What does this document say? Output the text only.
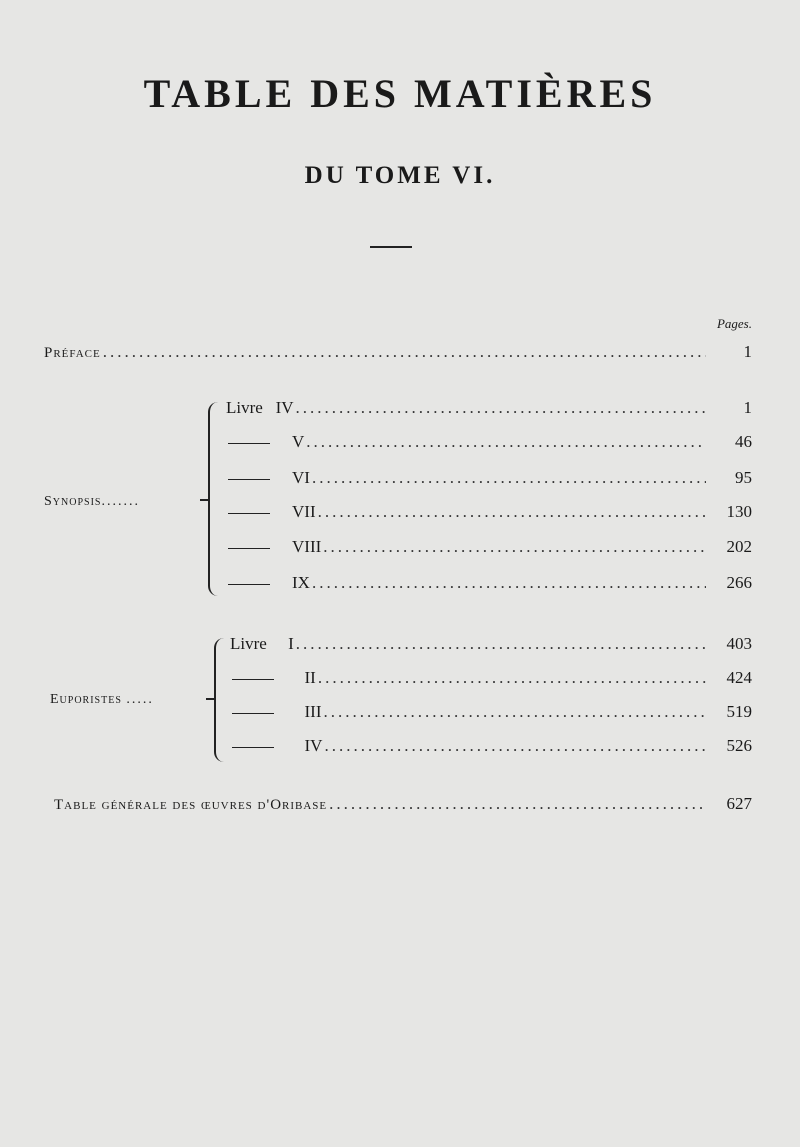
TABLE DES MATIÈRES
DU TOME VI.
Pages.
Préface .....	1
Synopsis.......
Livre IV .....	1
V .....	46
VI .....	95
VII .....	130
VIII .....	202
IX .....	266
Euporistes .....
Livre I .....	403
II .....	424
III .....	519
IV .....	526
Table générale des œuvres d'Oribase .....	627
